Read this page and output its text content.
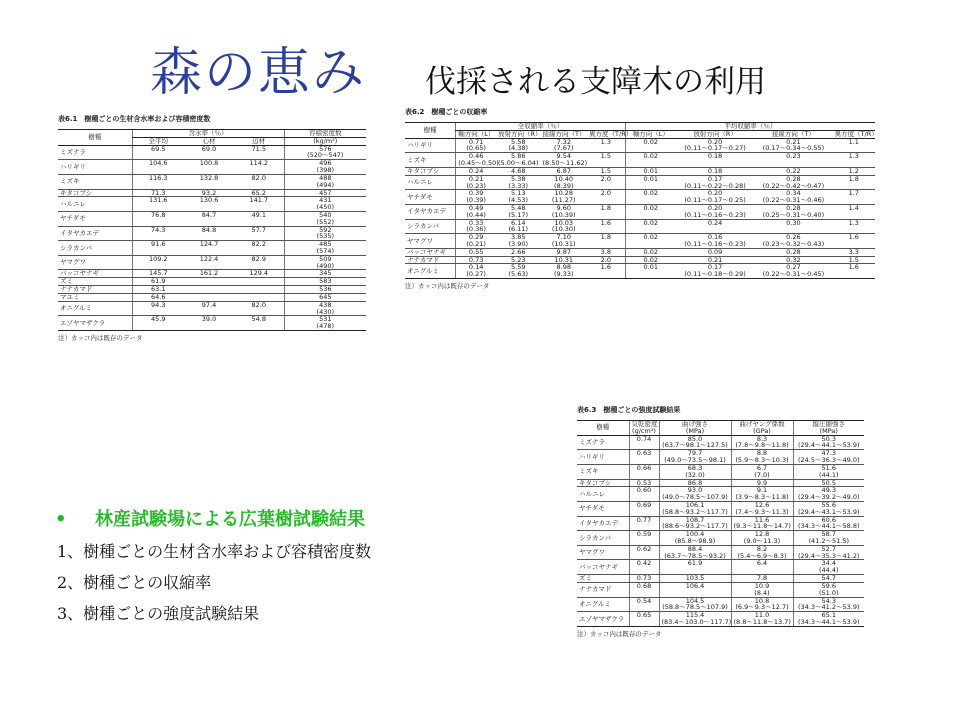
森の恵み 伐採される支障木の利用
表6.1　樹種ごとの生材含水率および容積密度数
樹種	含水率（％）			容積密度数
	全平均	心材	辺材	(kg/m³)

ミズナラ	69.5	69.0	71.5	576
(520～547)

ハリギリ	104.6	100.8	114.2	496
(398)

ミズキ	116.3	132.8	82.0	488
(494)

キタコブシ	71.3	93.2	65.2	457

ハルニレ	131.6	130.6	141.7	431
(450)

ヤチダモ	76.8	84.7	49.1	540
(552)

イタヤカエデ	74.3	84.8	57.7	592
(535)

シラカンバ	91.6	124.7	82.2	485
(574)

ヤマグワ	109.2	122.4	82.9	509
(490)

バッコヤナギ	145.7	161.2	129.4	345

ズミ	61.9			583

ナナカマド	63.1			536

マユミ	64.6			645

オニグルミ	94.3	97.4	82.0	438
(430)

エゾヤマザクラ	45.9	39.0	54.8	531
(478)
注）カッコ内は既存のデータ
表6.2　樹種ごとの収縮率
樹種	全収縮率（％）				平均収縮率（％）			
	軸方向（L）	放射方向（R）	接線方向（T）	異方度（T/R）	軸方向（L）	放射方向（R）	接線方向（T）	異方度（T/R）

ハリギリ	0.71
(0.65)	5.58
(4.38)	7.32
(7.67)	1.3	0.02	0.20
(0.11～0.17～0.27)	0.21
(0.17～0.34～0.55)	1.1

ミズキ	0.46
(0.45～0.50)	5.86
(5.00～6.04)	9.54
(8.50～11.62)	1.5	0.02	0.18	0.23	1.3

キタコブシ	0.24	4.68	6.87	1.5	0.01	0.18	0.22	1.2

ハルニレ	0.21
(0.23)	5.38
(3.33)	10.40
(8.39)	2.0	0.01	0.17
(0.11～0.22～0.28)	0.28
(0.22～0.42～0.47)	1.8

ヤチダモ	0.39
(0.39)	5.13
(4.53)	10.28
(11.27)	2.0	0.02	0.20
(0.11～0.17～0.25)	0.34
(0.22～0.31～0.46)	1.7

イタヤカエデ	0.49
(0.44)	5.48
(5.17)	9.60
(10.39)	1.8	0.02	0.20
(0.11～0.16～0.23)	0.28
(0.25～0.31～0.40)	1.4

シラカンバ	0.33
(0.36)	6.14
(6.11)	10.03
(10.30)	1.6	0.02	0.24	0.30	1.3

ヤマグワ	0.29
(0.21)	3.85
(3.90)	7.10
(10.31)	1.8	0.02	0.16
(0.11～0.16～0.23)	0.26
(0.23～0.32～0.43)	1.6

バッコヤナギ	0.55	2.66	9.87	3.8	0.02	0.09	0.28	3.3

ナナカマド	0.73	5.23	10.31	2.0	0.02	0.21	0.32	1.5

オニグルミ	0.14
(0.27)	5.59
(5.63)	8.98
(9.33)	1.6	0.01	0.17
(0.11～0.18～0.29)	0.27
(0.22～0.31～0.45)	1.6
注）カッコ内は既存のデータ
表6.3　樹種ごとの強度試験結果
樹種	気乾密度
(g/cm³)	曲げ強さ
(MPa)	曲げヤング係数
(GPa)	縦圧縮強さ
(MPa)

ミズナラ	0.74	85.0
(63.7～98.1～127.5)	8.3
(7.8～9.8～11.8)	50.3
(29.4～44.1～53.9)

ハリギリ	0.63	79.7
(49.0～73.5～98.1)	8.8
(5.9～8.3～10.3)	47.3
(24.5～36.3～49.0)

ミズキ	0.66	68.3
(32.0)	6.7
(7.0)	51.6
(44.1)

キタコブシ	0.53	86.8	9.9	50.5

ハルニレ	0.60	93.0
(49.0～78.5～107.9)	9.1
(3.9～8.3～11.8)	49.3
(29.4～39.2～49.0)

ヤチダモ	0.69	106.1
(58.8～93.2～117.7)	12.6
(7.4～9.3～11.3)	55.6
(29.4～43.1～53.9)

イタヤカエデ	0.77	108.7
(88.6～93.2～117.7)	11.6
(9.3～11.8～14.7)	60.6
(34.3～44.1～58.8)

シラカンバ	0.59	100.4
(85.8～98.9)	12.8
(9.0～11.3)	58.7
(41.2～51.5)

ヤマグワ	0.62	88.4
(63.7～78.5～93.2)	8.2
(5.4～6.9～8.3)	52.7
(29.4～35.3～41.2)

バッコヤナギ	0.42	61.9	6.4	34.4
(44.4)

ズミ	0.73	103.5	7.8	54.7

ナナカマド	0.68	106.4	10.9
(8.4)	59.6
(51.0)

オニグルミ	0.54	104.5
(58.8～78.5～107.9)	10.8
(6.9～9.3～12.7)	54.3
(34.3～41.2～53.9)

エゾヤマザクラ	0.65	115.4
(83.4～103.0～117.7)	11.0
(8.8～11.8～13.7)	65.1
(34.3～44.1～53.9)
注）カッコ内は既存のデータ
• 林産試験場による広葉樹試験結果
1、樹種ごとの生材含水率および容積密度数
2、樹種ごとの収縮率
3、樹種ごとの強度試験結果
